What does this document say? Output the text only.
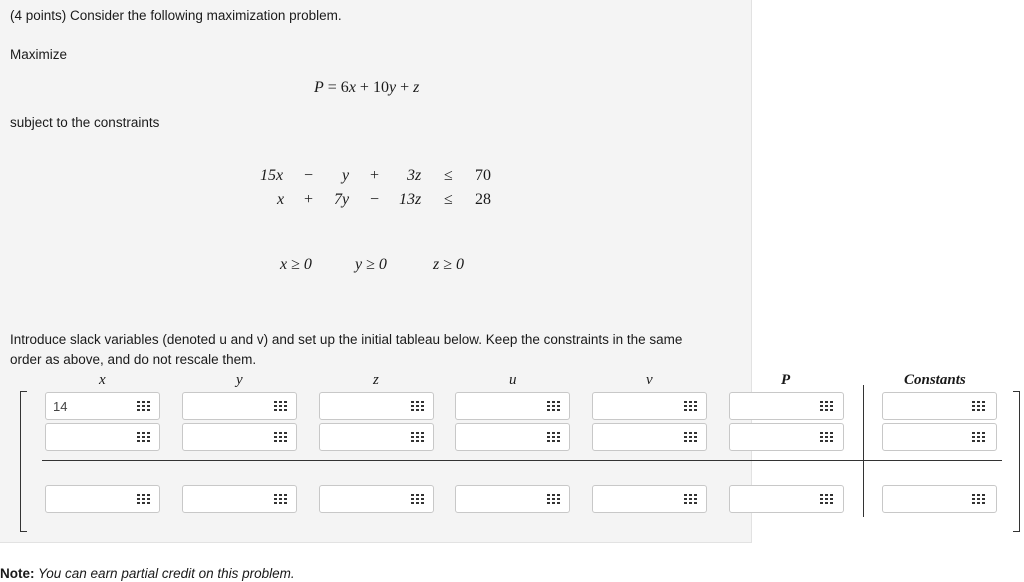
(4 points) Consider the following maximization problem.
Maximize
P = 6x + 10y + z
subject to the constraints
15x − y + 3z ≤ 70
x + 7y − 13z ≤ 28
x ≥ 0	y ≥ 0	z ≥ 0
Introduce slack variables (denoted u and v) and set up the initial tableau below. Keep the constraints in the same
order as above, and do not rescale them.
x	y	z	u	v	P	Constants
14
Note: You can earn partial credit on this problem.
